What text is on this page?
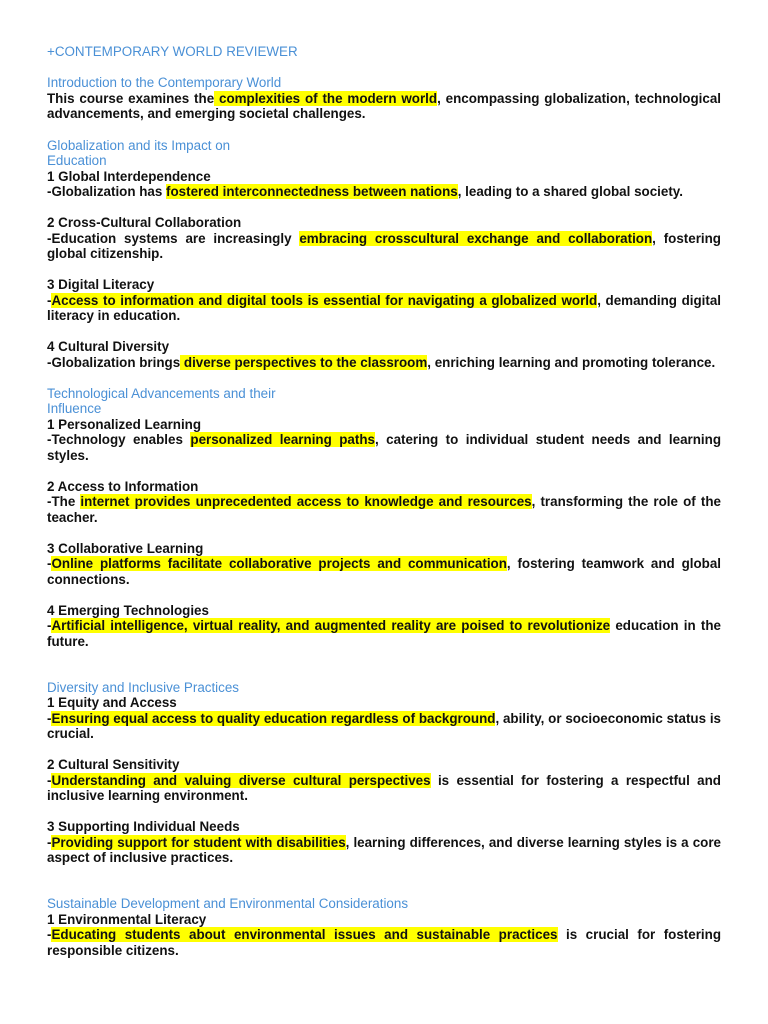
+CONTEMPORARY WORLD REVIEWER

Introduction to the Contemporary World

This course examines the complexities of the modern world, encompassing globalization, technological advancements, and emerging societal challenges.

Globalization and its Impact on
Education

1 Global Interdependence

-Globalization has fostered interconnectedness between nations, leading to a shared global society.

2 Cross-Cultural Collaboration

-Education systems are increasingly embracing crosscultural exchange and collaboration, fostering global citizenship.

3 Digital Literacy

-Access to information and digital tools is essential for navigating a globalized world, demanding digital literacy in education.

4 Cultural Diversity

-Globalization brings diverse perspectives to the classroom, enriching learning and promoting tolerance.

Technological Advancements and their
Influence

1 Personalized Learning

-Technology enables personalized learning paths, catering to individual student needs and learning styles.

2 Access to Information

-The internet provides unprecedented access to knowledge and resources, transforming the role of the teacher.

3 Collaborative Learning

-Online platforms facilitate collaborative projects and communication, fostering teamwork and global connections.

4 Emerging Technologies

-Artificial intelligence, virtual reality, and augmented reality are poised to revolutionize education in the future.

Diversity and Inclusive Practices

1 Equity and Access

-Ensuring equal access to quality education regardless of background, ability, or socioeconomic status is crucial.

2 Cultural Sensitivity

-Understanding and valuing diverse cultural perspectives is essential for fostering a respectful and inclusive learning environment.

3 Supporting Individual Needs

-Providing support for student with disabilities, learning differences, and diverse learning styles is a core aspect of inclusive practices.

Sustainable Development and Environmental Considerations

1 Environmental Literacy

-Educating students about environmental issues and sustainable practices is crucial for fostering responsible citizens.
